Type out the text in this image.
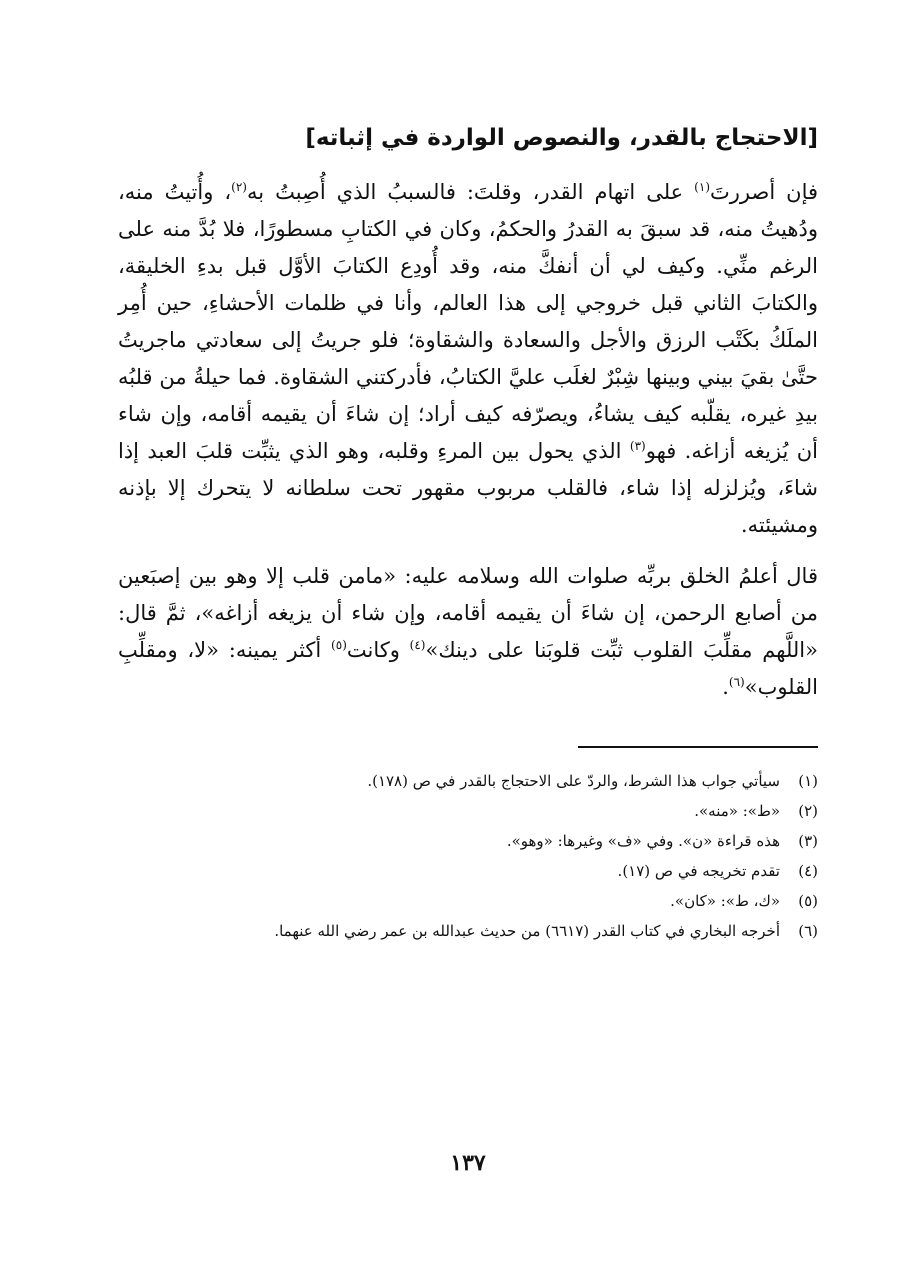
[الاحتجاج بالقدر، والنصوص الواردة في إثباته]

فإن أصررتَ$^{(١)}$ على اتهام القدر، وقلتَ: فالسببُ الذي أُصِبتُ به$^{(٢)}$، وأُتيتُ منه، ودُهيتُ منه، قد سبقَ به القدرُ والحكمُ، وكان في الكتابِ مسطورًا، فلا بُدَّ منه على الرغم منِّي. وكيف لي أن أنفكَّ منه، وقد أُودِع الكتابَ الأوَّل قبل بدءِ الخليقة، والكتابَ الثاني قبل خروجي إلى هذا العالم، وأنا في ظلمات الأحشاءِ، حين أُمِر الملَكُ بكَتْب الرزق والأجل والسعادة والشقاوة؛ فلو جريتُ إلى سعادتي ماجريتُ حتَّىٰ بقيَ بيني وبينها شِبْرٌ لغلَب عليَّ الكتابُ، فأدركتني الشقاوة. فما حيلةُ من قلبُه بيدِ غيره، يقلّبه كيف يشاءُ، ويصرّفه كيف أراد؛ إن شاءَ أن يقيمه أقامه، وإن شاء أن يُزيغه أزاغه. فهو$^{(٣)}$ الذي يحول بين المرءِ وقلبه، وهو الذي يثبِّت قلبَ العبد إذا شاءَ، ويُزلزله إذا شاء، فالقلب مربوب مقهور تحت سلطانه لا يتحرك إلا بإذنه ومشيئته.

قال أعلمُ الخلق بربِّه صلوات الله وسلامه عليه: «مامن قلب إلا وهو بين إصبَعين من أصابع الرحمن، إن شاءَ أن يقيمه أقامه، وإن شاء أن يزيغه أزاغه»، ثمَّ قال: «اللَّهم مقلِّبَ القلوب ثبِّت قلوبَنا على دينك»$^{(٤)}$ وكانت$^{(٥)}$ أكثر يمينه: «لا، ومقلِّبِ القلوب»$^{(٦)}$.

(١)
سيأتي جواب هذا الشرط، والردّ على الاحتجاج بالقدر في ص (١٧٨).
(٢)
«ط»: «منه».
(٣)
هذه قراءة «ن». وفي «ف» وغيرها: «وهو».
(٤)
تقدم تخريجه في ص (١٧).
(٥)
«ك، ط»: «كان».
(٦)
أخرجه البخاري في كتاب القدر (٦٦١٧) من حديث عبدالله بن عمر رضي الله عنهما.
١٣٧
